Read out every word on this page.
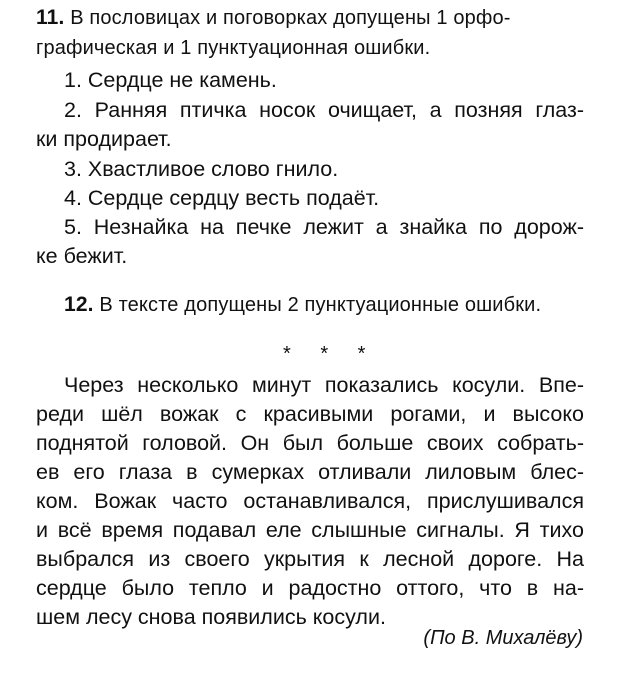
11. В пословицах и поговорках допущены 1 орфо-
графическая и 1 пунктуационная ошибки.
1. Сердце не камень.
2. Ранняя птичка носок очищает, а позняя глаз-
ки продирает.
3. Хвастливое слово гнило.
4. Сердце сердцу весть подаёт.
5. Незнайка на печке лежит а знайка по дорож-
ке бежит.
12. В тексте допущены 2 пунктуационные ошибки.
* * *
Через несколько минут показались косули. Впе-
реди шёл вожак с красивыми рогами, и высоко
поднятой головой. Он был больше своих собрать-
ев его глаза в сумерках отливали лиловым блес-
ком. Вожак часто останавливался, прислушивался
и всё время подавал еле слышные сигналы. Я тихо
выбрался из своего укрытия к лесной дороге. На
сердце было тепло и радостно оттого, что в на-
шем лесу снова появились косули.
(По В. Михалёву)
